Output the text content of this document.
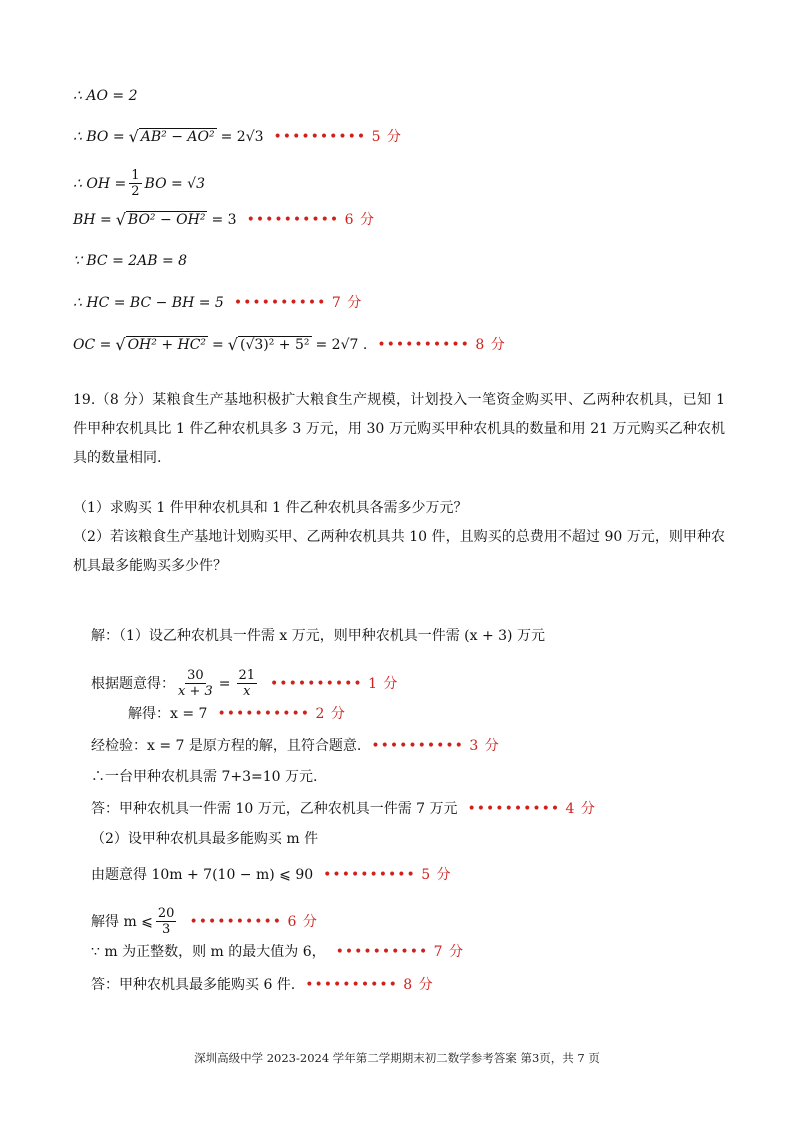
∴ AO = 2
∴ BO = √ AB² − AO² = 2√3 •••••••••• 5 分
∴ OH = $\frac{1}{2}$ BO = √3
BH = √ BO² − OH² = 3 •••••••••• 6 分
∵ BC = 2AB = 8
∴ HC = BC − BH = 5 •••••••••• 7 分
OC = √ OH² + HC² = √ (√3)² + 5² = 2√7 . •••••••••• 8 分
19.（8 分）某粮食生产基地积极扩大粮食生产规模，计划投入一笔资金购买甲、乙两种农机具，已知 1 件甲种农机具比 1 件乙种农机具多 3 万元，用 30 万元购买甲种农机具的数量和用 21 万元购买乙种农机具的数量相同.
（1）求购买 1 件甲种农机具和 1 件乙种农机具各需多少万元？
（2）若该粮食生产基地计划购买甲、乙两种农机具共 10 件，且购买的总费用不超过 90 万元，则甲种农机具最多能购买多少件？
解：（1）设乙种农机具一件需 x 万元，则甲种农机具一件需 (x + 3) 万元
根据题意得： $\frac{30}{x + 3} = \frac{21}{x}$ •••••••••• 1 分
解得：x = 7 •••••••••• 2 分
经检验：x = 7 是原方程的解，且符合题意. •••••••••• 3 分
∴一台甲种农机具需 7+3=10 万元.
答：甲种农机具一件需 10 万元，乙种农机具一件需 7 万元 •••••••••• 4 分
（2）设甲种农机具最多能购买 m 件
由题意得 10m + 7(10 − m) ⩽ 90 •••••••••• 5 分
解得 m ⩽ $\frac{20}{3}$ •••••••••• 6 分
∵ m 为正整数，则 m 的最大值为 6， •••••••••• 7 分
答：甲种农机具最多能购买 6 件. •••••••••• 8 分
深圳高级中学 2023-2024 学年第二学期期末初二数学参考答案 第3页，共 7 页
